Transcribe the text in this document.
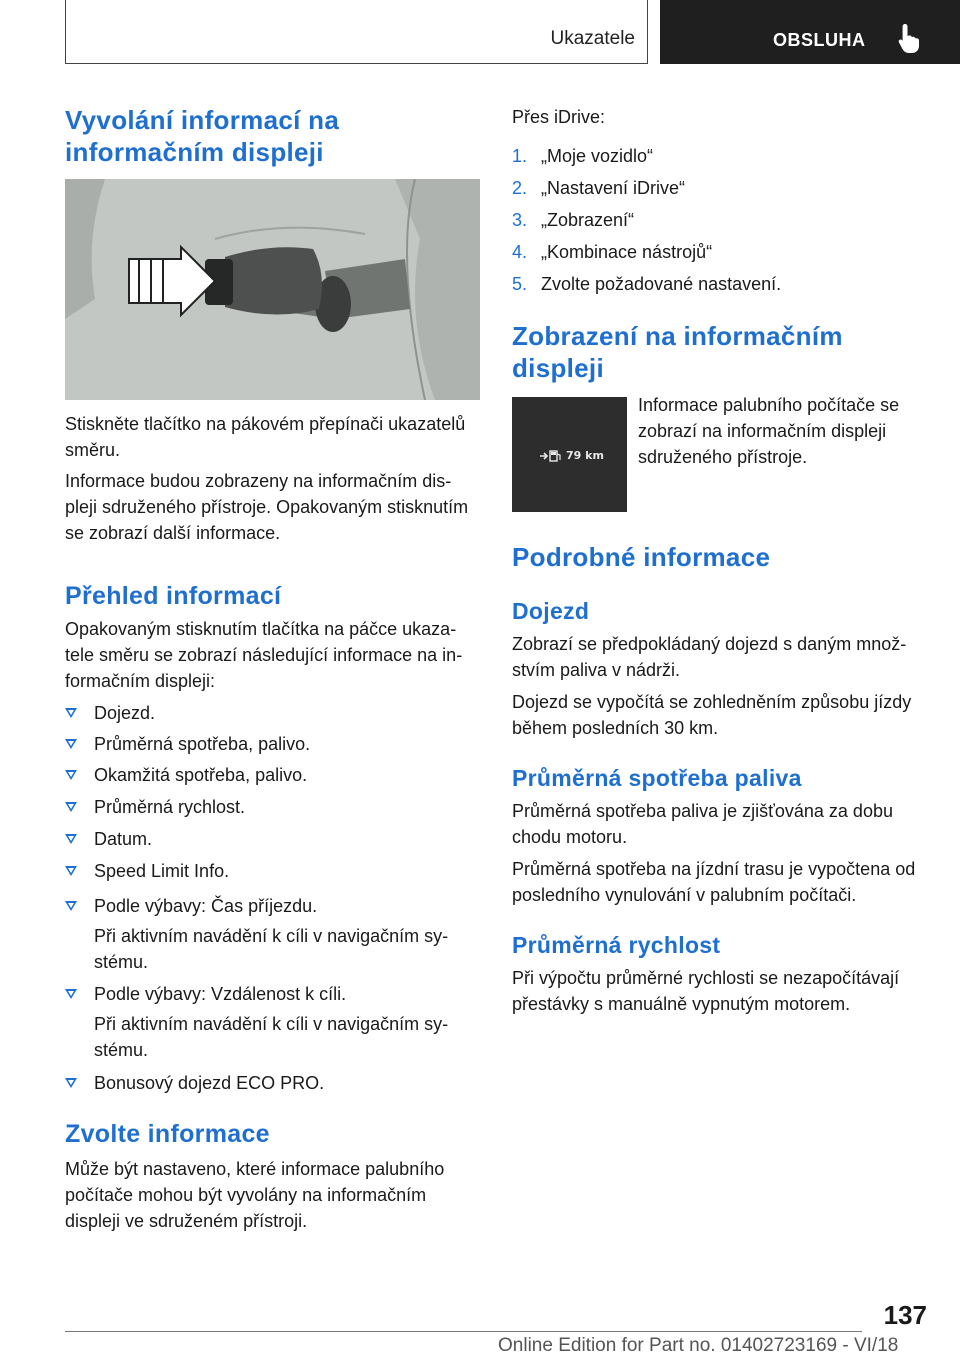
Ukazatele	OBSLUHA
Vyvolání informací na informačním displeji

Stiskněte tlačítko na pákovém přepínači ukazatelů směru.

Informace budou zobrazeny na informačním displeji sdruženého přístroje. Opakovaným stisknutím se zobrazí další informace.

Přehled informací

Opakovaným stisknutím tlačítka na páčce ukazatele směru se zobrazí následující informace na informačním displeji:

Dojezd.
Průměrná spotřeba, palivo.
Okamžitá spotřeba, palivo.
Průměrná rychlost.
Datum.
Speed Limit Info.
Podle výbavy: Čas příjezdu.

Při aktivním navádění k cíli v navigačním systému.

Podle výbavy: Vzdálenost k cíli.

Při aktivním navádění k cíli v navigačním systému.

Bonusový dojezd ECO PRO.
Zvolte informace

Může být nastaveno, které informace palubního počítače mohou být vyvolány na informačním displeji ve sdruženém přístroji.

Přes iDrive:

1. „Moje vozidlo“
2. „Nastavení iDrive“
3. „Zobrazení“
4. „Kombinace nástrojů“
5. Zvolte požadované nastavení.
Zobrazení na informačním displeji

Informace palubního počítače se zobrazí na informačním displeji sdruženého přístroje.

Podrobné informace
Dojezd

Zobrazí se předpokládaný dojezd s daným množstvím paliva v nádrži.

Dojezd se vypočítá se zohledněním způsobu jízdy během posledních 30 km.

Průměrná spotřeba paliva

Průměrná spotřeba paliva je zjišťována za dobu chodu motoru.

Průměrná spotřeba na jízdní trasu je vypočtena od posledního vynulování v palubním počítači.

Průměrná rychlost

Při výpočtu průměrné rychlosti se nezapočítávají přestávky s manuálně vypnutým motorem.

79 km
137
Online Edition for Part no. 01402723169 - VI/18
